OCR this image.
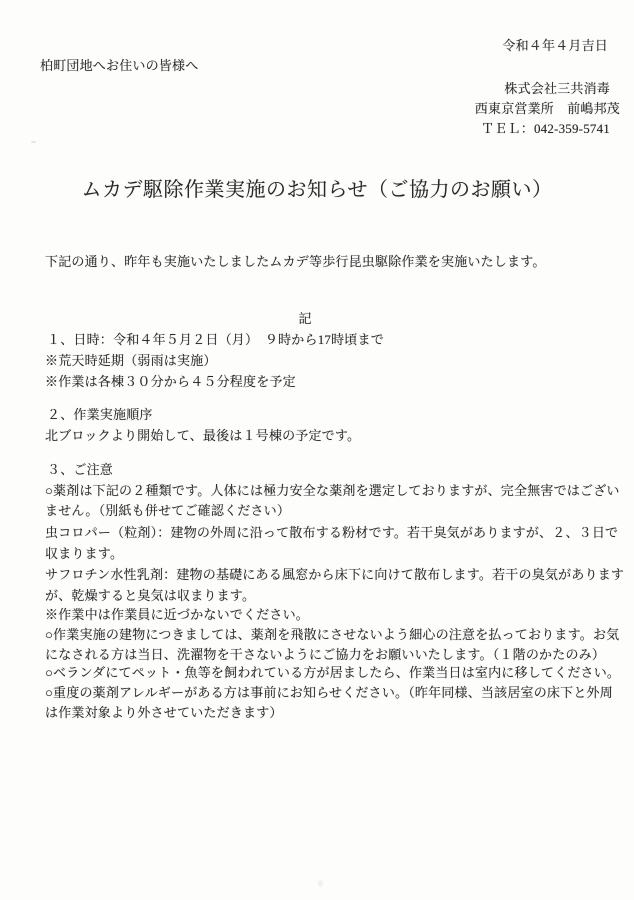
令和４年４月吉日
柏町団地へお住いの皆様へ
株式会社三共消毒
西東京営業所　前嶋邦茂
ＴＥＬ：042-359-5741
ムカデ駆除作業実施のお知らせ（ご協力のお願い）
下記の通り、昨年も実施いたしましたムカデ等歩行昆虫駆除作業を実施いたします。
記
１、日時：令和４年５月２日（月）　９時から17時頃まで
※荒天時延期（弱雨は実施）
※作業は各棟３０分から４５分程度を予定
２、作業実施順序
北ブロックより開始して、最後は１号棟の予定です。
３、ご注意
○薬剤は下記の２種類です。人体には極力安全な薬剤を選定しておりますが、完全無害ではござい
ません。（別紙も併せてご確認ください）
虫コロパー（粒剤）：建物の外周に沿って散布する粉材です。若干臭気がありますが、２、３日で
収まります。
サフロチン水性乳剤：建物の基礎にある風窓から床下に向けて散布します。若干の臭気があります
が、乾燥すると臭気は収まります。
※作業中は作業員に近づかないでください。
○作業実施の建物につきましては、薬剤を飛散にさせないよう細心の注意を払っております。お気
になされる方は当日、洗濯物を干さないようにご協力をお願いいたします。（１階のかたのみ）
○ベランダにてペット・魚等を飼われている方が居ましたら、作業当日は室内に移してください。
○重度の薬剤アレルギーがある方は事前にお知らせください。（昨年同様、当該居室の床下と外周
は作業対象より外させていただきます）
